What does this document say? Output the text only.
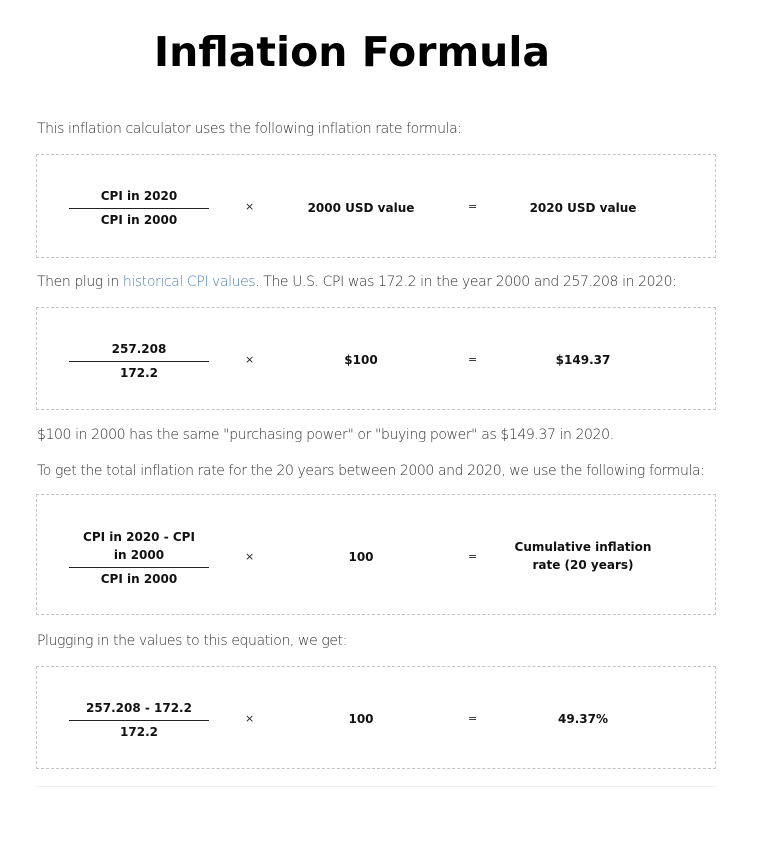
Inflation Formula

This inflation calculator uses the following inflation rate formula:

CPI in 2020
CPI in 2000
×	2000 USD value	=	2020 USD value

Then plug in historical CPI values. The U.S. CPI was 172.2 in the year 2000 and 257.208 in 2020:

$\frac{257.208}{172.2}$	×	$100	=	$149.37

$100 in 2000 has the same "purchasing power" or "buying power" as $149.37 in 2020.

To get the total inflation rate for the 20 years between 2000 and 2020, we use the following formula:

CPI in 2020 - CPI in 2000
CPI in 2000
×	100	=
Cumulative inflation rate (20 years)

Plugging in the values to this equation, we get:

$\frac{257.208 - 172.2}{172.2}$	×	100	=	49.37%
